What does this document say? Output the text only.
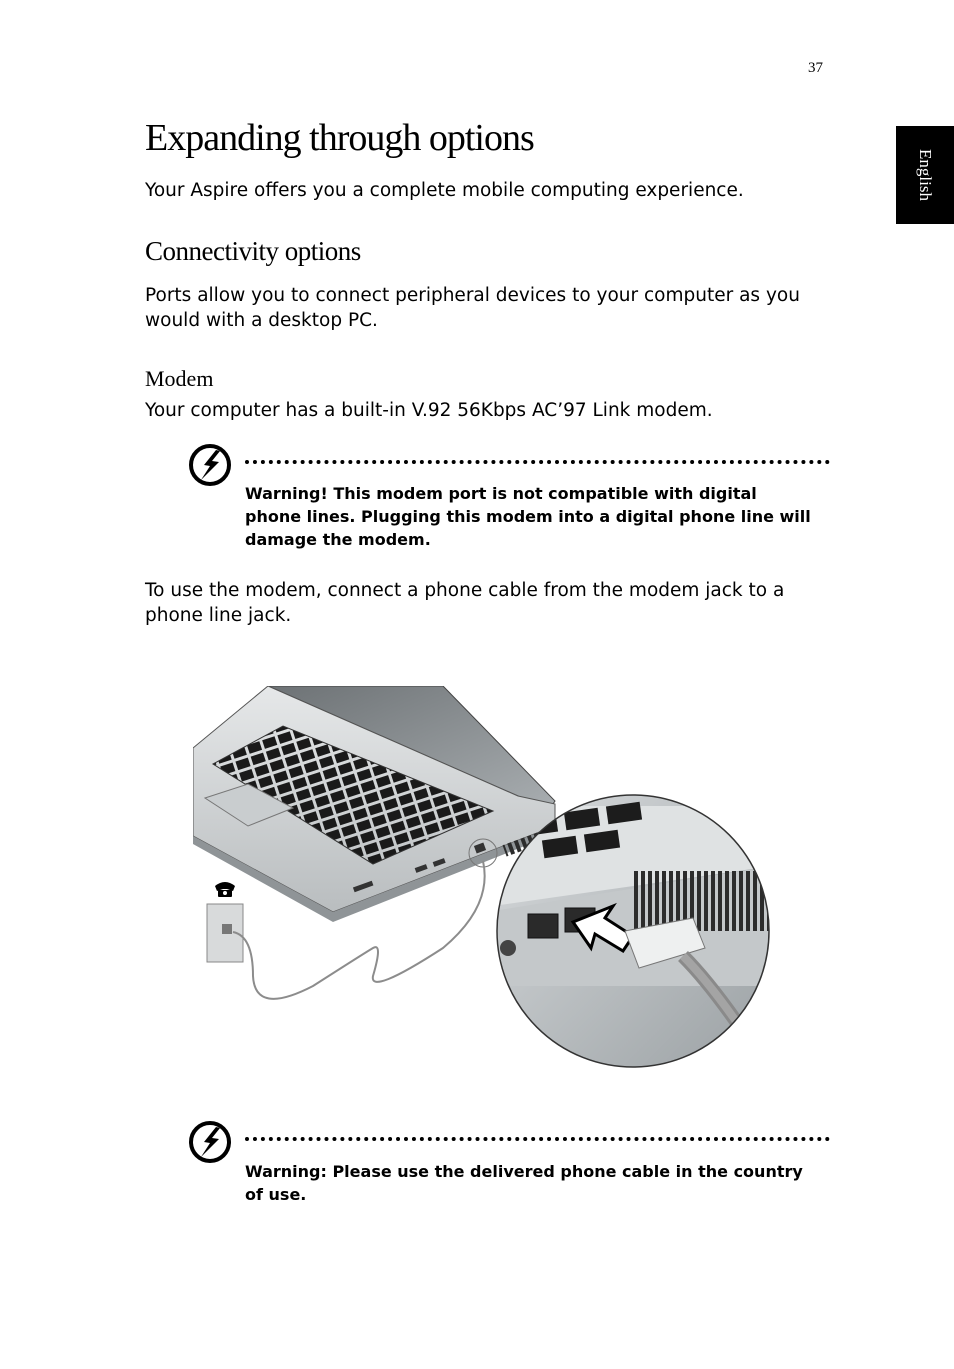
37
English
Expanding through options

Your Aspire offers you a complete mobile computing experience.

Connectivity options

Ports allow you to connect peripheral devices to your computer as you would with a desktop PC.

Modem

Your computer has a built-in V.92 56Kbps AC’97 Link modem.

Warning! This modem port is not compatible with digital phone lines. Plugging this modem into a digital phone line will damage the modem.

To use the modem, connect a phone cable from the modem jack to a phone line jack.

Warning: Please use the delivered phone cable in the country of use.
